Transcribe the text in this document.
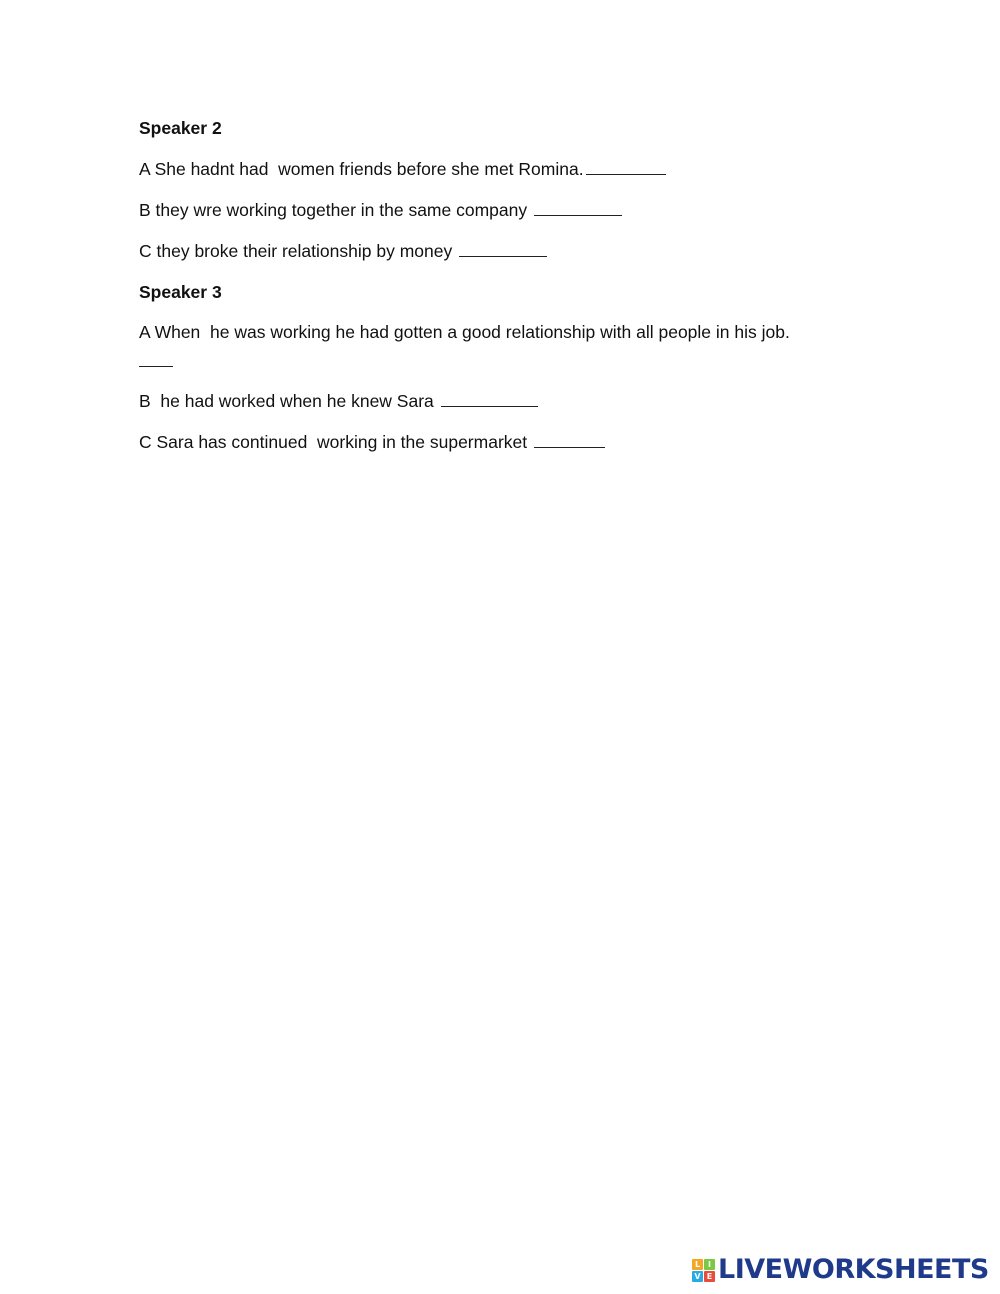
Speaker 2
A She hadnt had  women friends before she met Romina.
B they wre working together in the same company
C they broke their relationship by money
Speaker 3
A When  he was working he had gotten a good relationship with all people in his job.
B  he had worked when he knew Sara
C Sara has continued  working in the supermarket
L I
V E LIVEWORKSHEETS
